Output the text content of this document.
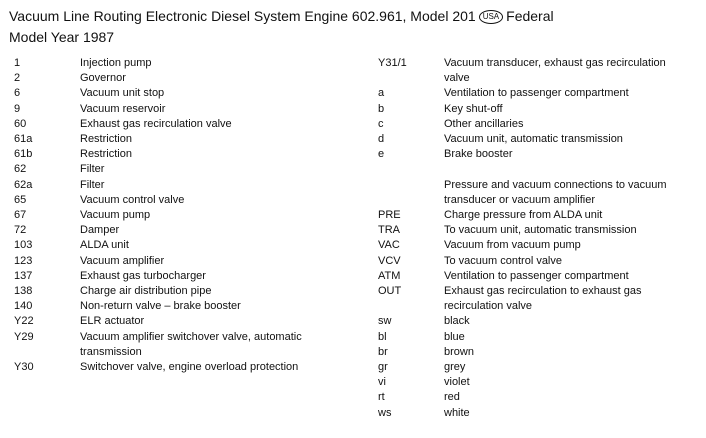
Vacuum Line Routing Electronic Diesel System Engine 602.961, Model 201 USA Federal
Model Year 1987
1	Injection pump
2	Governor
6	Vacuum unit stop
9	Vacuum reservoir
60	Exhaust gas recirculation valve
61a	Restriction
61b	Restriction
62	Filter
62a	Filter
65	Vacuum control valve
67	Vacuum pump
72	Damper
103	ALDA unit
123	Vacuum amplifier
137	Exhaust gas turbocharger
138	Charge air distribution pipe
140	Non-return valve – brake booster
Y22	ELR actuator
Y29	Vacuum amplifier switchover valve, automatic
transmission
Y30	Switchover valve, engine overload protection
Y31/1	Vacuum transducer, exhaust gas recirculation
valve
a	Ventilation to passenger compartment
b	Key shut-off
c	Other ancillaries
d	Vacuum unit, automatic transmission
e	Brake booster
Pressure and vacuum connections to vacuum
transducer or vacuum amplifier
PRE	Charge pressure from ALDA unit
TRA	To vacuum unit, automatic transmission
VAC	Vacuum from vacuum pump
VCV	To vacuum control valve
ATM	Ventilation to passenger compartment
OUT	Exhaust gas recirculation to exhaust gas
recirculation valve
sw	black
bl	blue
br	brown
gr	grey
vi	violet
rt	red
ws	white
